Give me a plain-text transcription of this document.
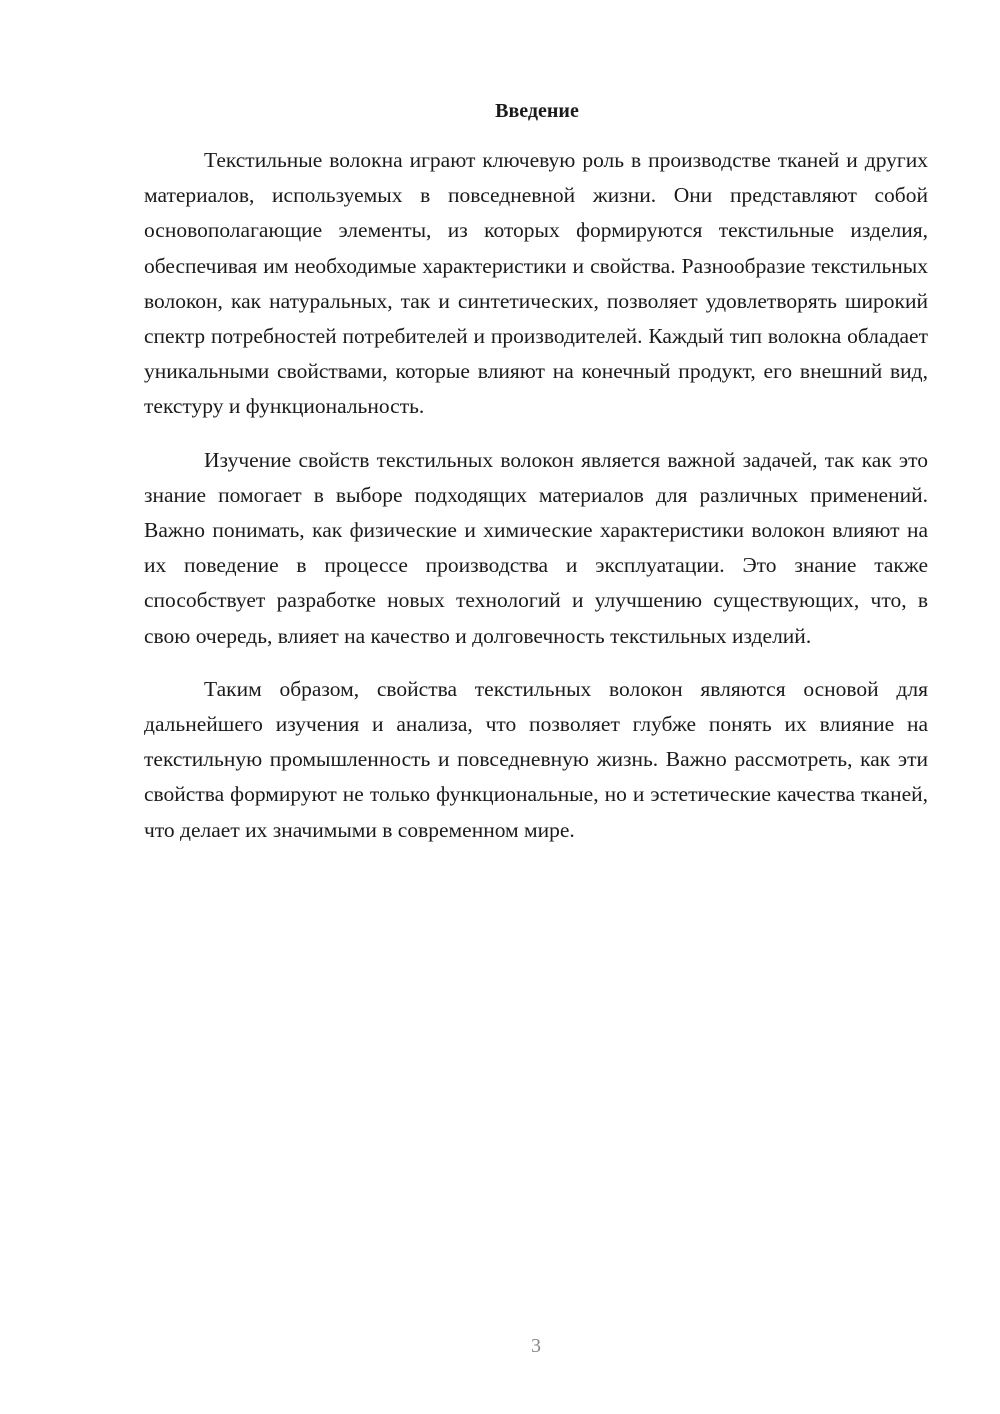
Введение

Текстильные волокна играют ключевую роль в производстве тканей и других материалов, используемых в повседневной жизни. Они представляют собой основополагающие элементы, из которых формируются текстильные изделия, обеспечивая им необходимые характеристики и свойства. Разнообразие текстильных волокон, как натуральных, так и синтетических, позволяет удовлетворять широкий спектр потребностей потребителей и производителей. Каждый тип волокна обладает уникальными свойствами, которые влияют на конечный продукт, его внешний вид, текстуру и функциональность.

Изучение свойств текстильных волокон является важной задачей, так как это знание помогает в выборе подходящих материалов для различных применений. Важно понимать, как физические и химические характеристики волокон влияют на их поведение в процессе производства и эксплуатации. Это знание также способствует разработке новых технологий и улучшению существующих, что, в свою очередь, влияет на качество и долговечность текстильных изделий.

Таким образом, свойства текстильных волокон являются основой для дальнейшего изучения и анализа, что позволяет глубже понять их влияние на текстильную промышленность и повседневную жизнь. Важно рассмотреть, как эти свойства формируют не только функциональные, но и эстетические качества тканей, что делает их значимыми в современном мире.

3
